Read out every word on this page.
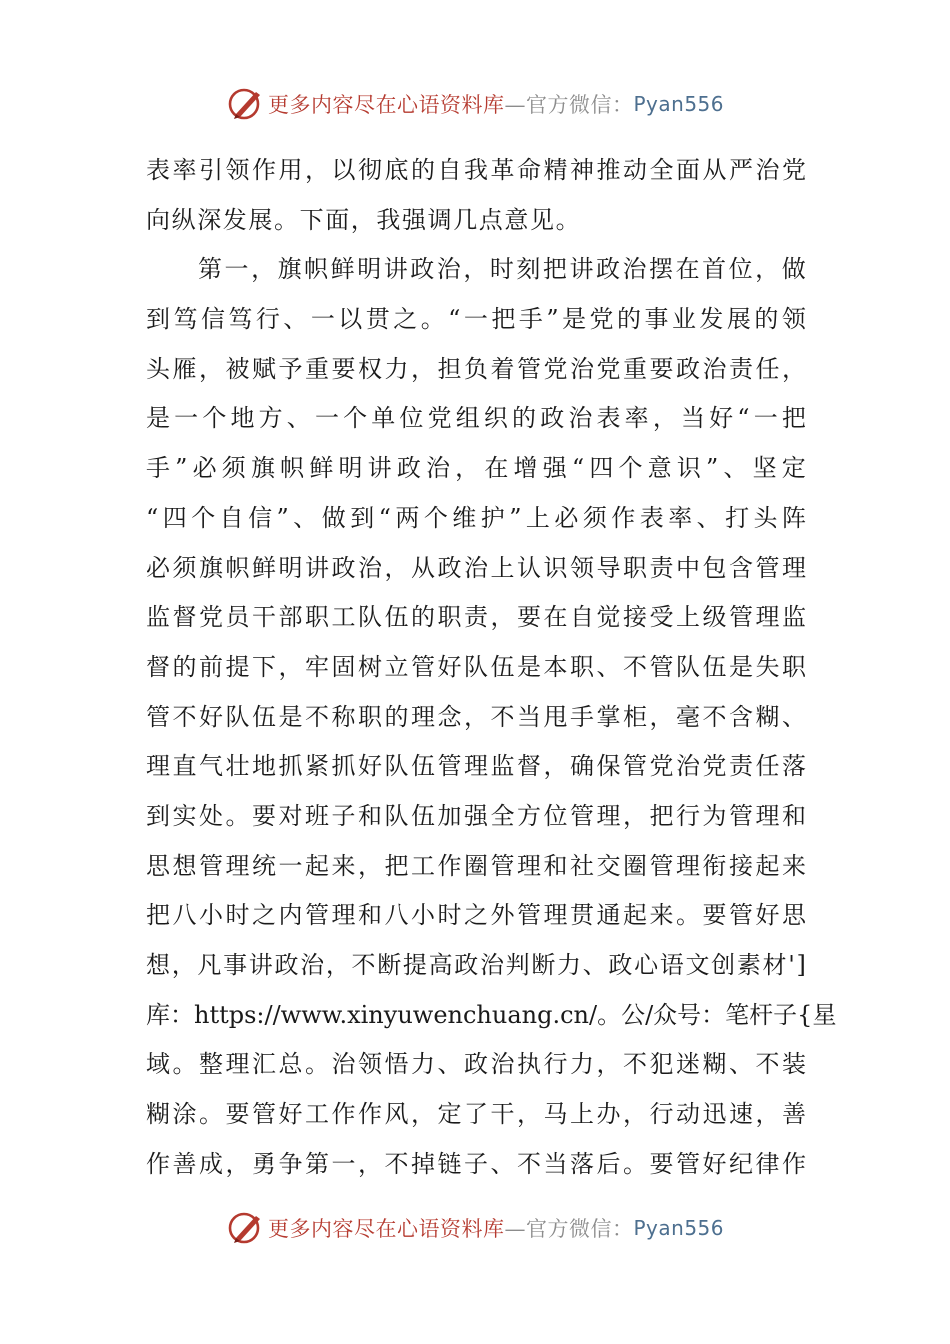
更多内容尽在心语资料库 —官方微信： Pyan556
表 率 引 领 作 用 ， 以 彻 底 的 自 我 革 命 精 神 推 动 全 面 从 严 治 党
向纵深发展。下面，我强调几点意见。
第 一 ， 旗 帜 鲜 明 讲 政 治 ， 时 刻 把 讲 政 治 摆 在 首 位 ， 做
到 笃 信 笃 行 、 一 以 贯 之 。 “ 一 把 手 ” 是 党 的 事 业 发 展 的 领
头 雁 ， 被 赋 予 重 要 权 力 ， 担 负 着 管 党 治 党 重 要 政 治 责 任 ，
是 一 个 地 方 、 一 个 单 位 党 组 织 的 政 治 表 率 ， 当 好 “ 一 把
手 ” 必 须 旗 帜 鲜 明 讲 政 治 ， 在 增 强 “ 四 个 意 识 ” 、 坚 定
“ 四 个 自 信 ” 、 做 到 “ 两 个 维 护 ” 上 必 须 作 表 率 、 打 头 阵
必 须 旗 帜 鲜 明 讲 政 治 ， 从 政 治 上 认 识 领 导 职 责 中 包 含 管 理
监 督 党 员 干 部 职 工 队 伍 的 职 责 ， 要 在 自 觉 接 受 上 级 管 理 监
督 的 前 提 下 ， 牢 固 树 立 管 好 队 伍 是 本 职 、 不 管 队 伍 是 失 职
管 不 好 队 伍 是 不 称 职 的 理 念 ， 不 当 甩 手 掌 柜 ， 毫 不 含 糊 、
理 直 气 壮 地 抓 紧 抓 好 队 伍 管 理 监 督 ， 确 保 管 党 治 党 责 任 落
到 实 处 。 要 对 班 子 和 队 伍 加 强 全 方 位 管 理 ， 把 行 为 管 理 和
思 想 管 理 统 一 起 来 ， 把 工 作 圈 管 理 和 社 交 圈 管 理 衔 接 起 来
把 八 小 时 之 内 管 理 和 八 小 时 之 外 管 理 贯 通 起 来 。 要 管 好 思
想 ， 凡 事 讲 政 治 ， 不 断 提 高 政 治 判 断 力 、 政 心 语 文 创 素 材 ' ]
库 ： https://www.xinyuwenchuang.cn/ 。 公 / 众 号 ： 笔 杆 子 { 星
域 。 整 理 汇 总 。 治 领 悟 力 、 政 治 执 行 力 ， 不 犯 迷 糊 、 不 装
糊 涂 。 要 管 好 工 作 作 风 ， 定 了 干 ， 马 上 办 ， 行 动 迅 速 ， 善
作 善 成 ， 勇 争 第 一 ， 不 掉 链 子 、 不 当 落 后 。 要 管 好 纪 律 作
更多内容尽在心语资料库 —官方微信： Pyan556
